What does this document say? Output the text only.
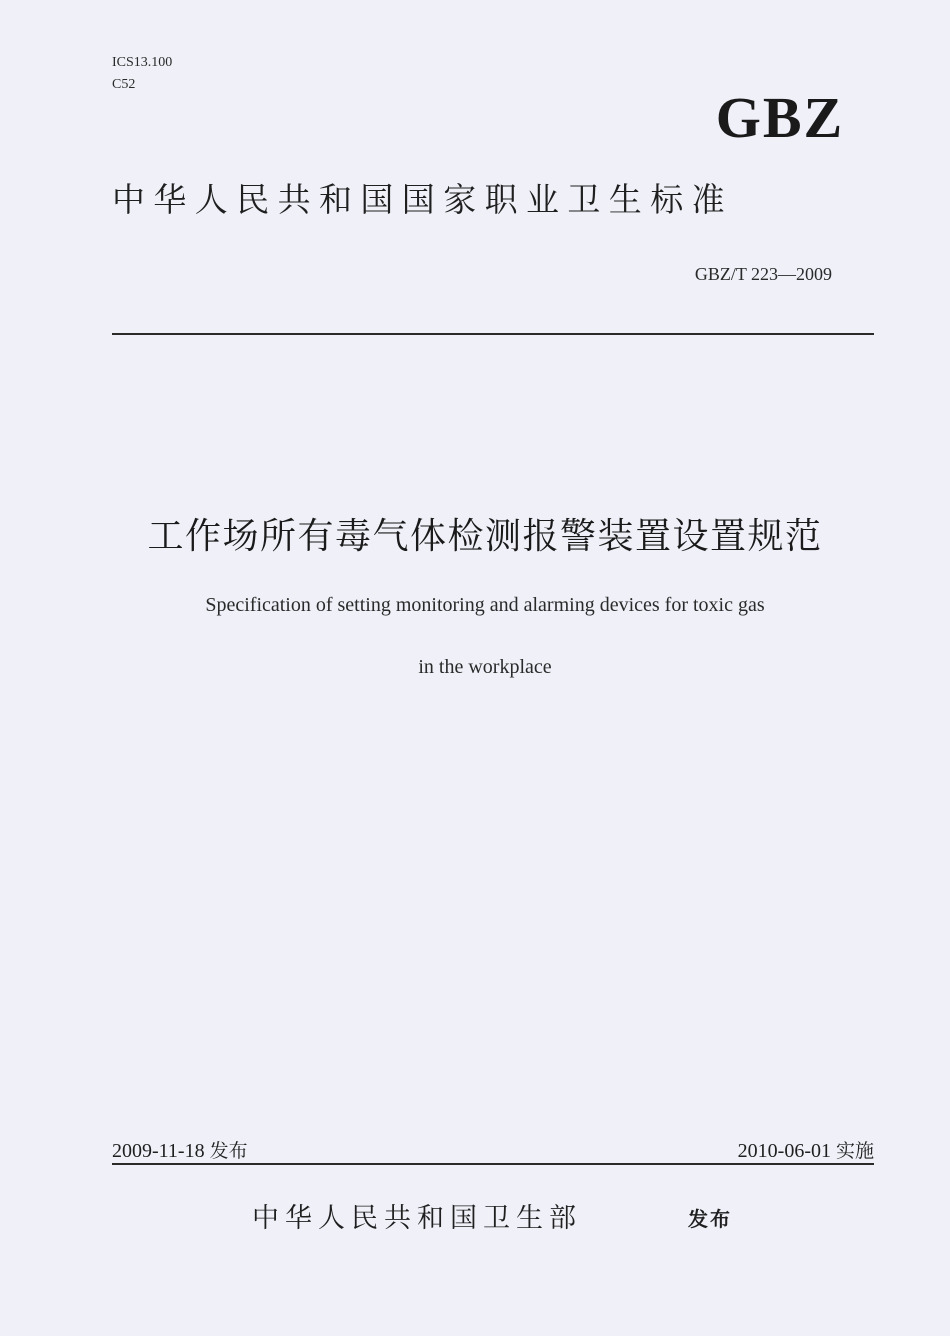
ICS13.100
C52
GBZ
中华人民共和国国家职业卫生标准
GBZ/T 223—2009
工作场所有毒气体检测报警装置设置规范
Specification of setting monitoring and alarming devices for toxic gas
in the workplace
2009-11-18 发布	2010-06-01 实施
中华人民共和国卫生部	发布
